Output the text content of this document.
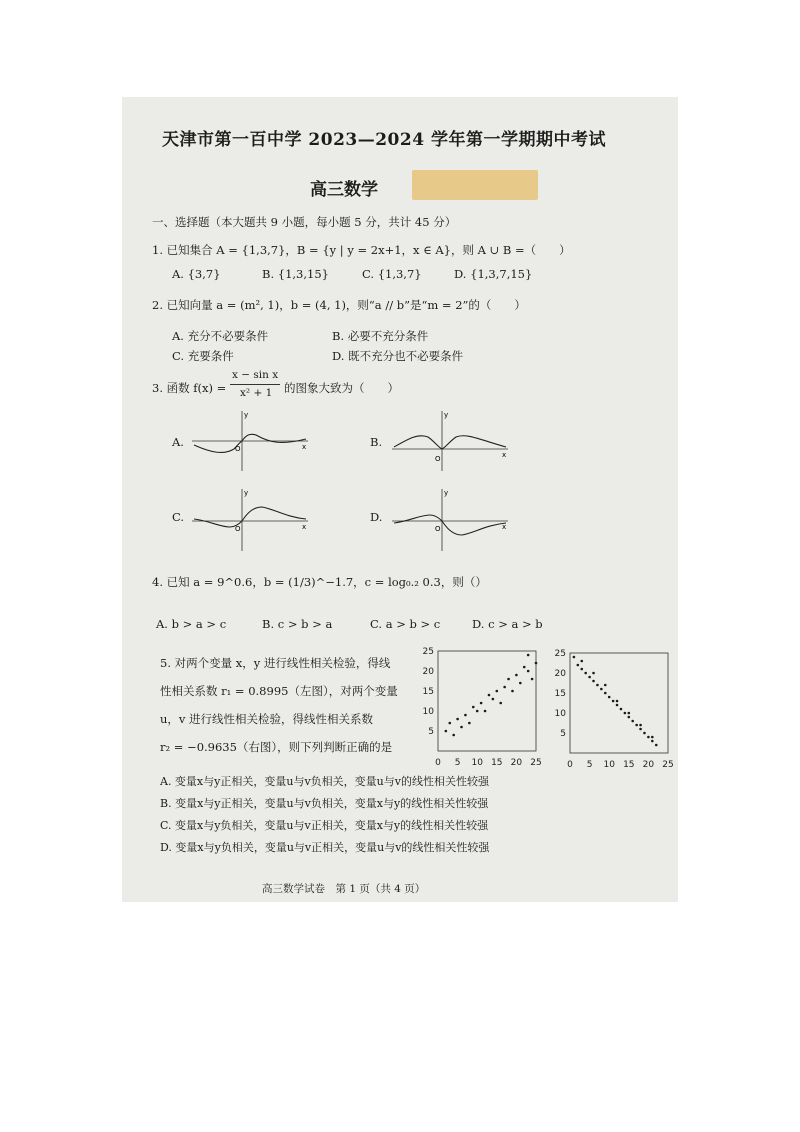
天津市第一百中学 2023—2024 学年第一学期期中考试
高三数学
一、选择题（本大题共 9 小题，每小题 5 分，共计 45 分）
1. 已知集合 A = {1,3,7}，B = {y | y = 2x+1，x ∈ A}，则 A ∪ B =（　　）
A. {3,7}	B. {1,3,15}	C. {1,3,7}	D. {1,3,7,15}
2. 已知向量 a = (m², 1)，b = (4, 1)，则“a // b”是“m = 2”的（　　）
A. 充分不必要条件	B. 必要不充分条件
C. 充要条件	D. 既不充分也不必要条件
3. 函数 f(x) =
x − sin x
x² + 1 的图象大致为（　　）
A.
y
x
O	B.
y
x
O
C.
y
x
O
D.
y
x
O
4. 已知 a = 9^0.6，b = (1/3)^−1.7，c = log₀.₂ 0.3，则（）
A. b > a > c	B. c > b > a	C. a > b > c	D. c > a > b
5. 对两个变量 x，y 进行线性相关检验，得线
性相关系数 r₁ = 0.8995（左图），对两个变量
u，v 进行线性相关检验，得线性相关系数
r₂ = −0.9635（右图），则下列判断正确的是
0 5 10 15 20 25
5
10
15
20
25
0 5 10 15 20 25
5
10
15
20
25
A. 变量x与y正相关，变量u与v负相关，变量u与v的线性相关性较强
B. 变量x与y正相关，变量u与v负相关，变量x与y的线性相关性较强
C. 变量x与y负相关，变量u与v正相关，变量x与y的线性相关性较强
D. 变量x与y负相关，变量u与v正相关，变量u与v的线性相关性较强
高三数学试卷　第 1 页（共 4 页）
